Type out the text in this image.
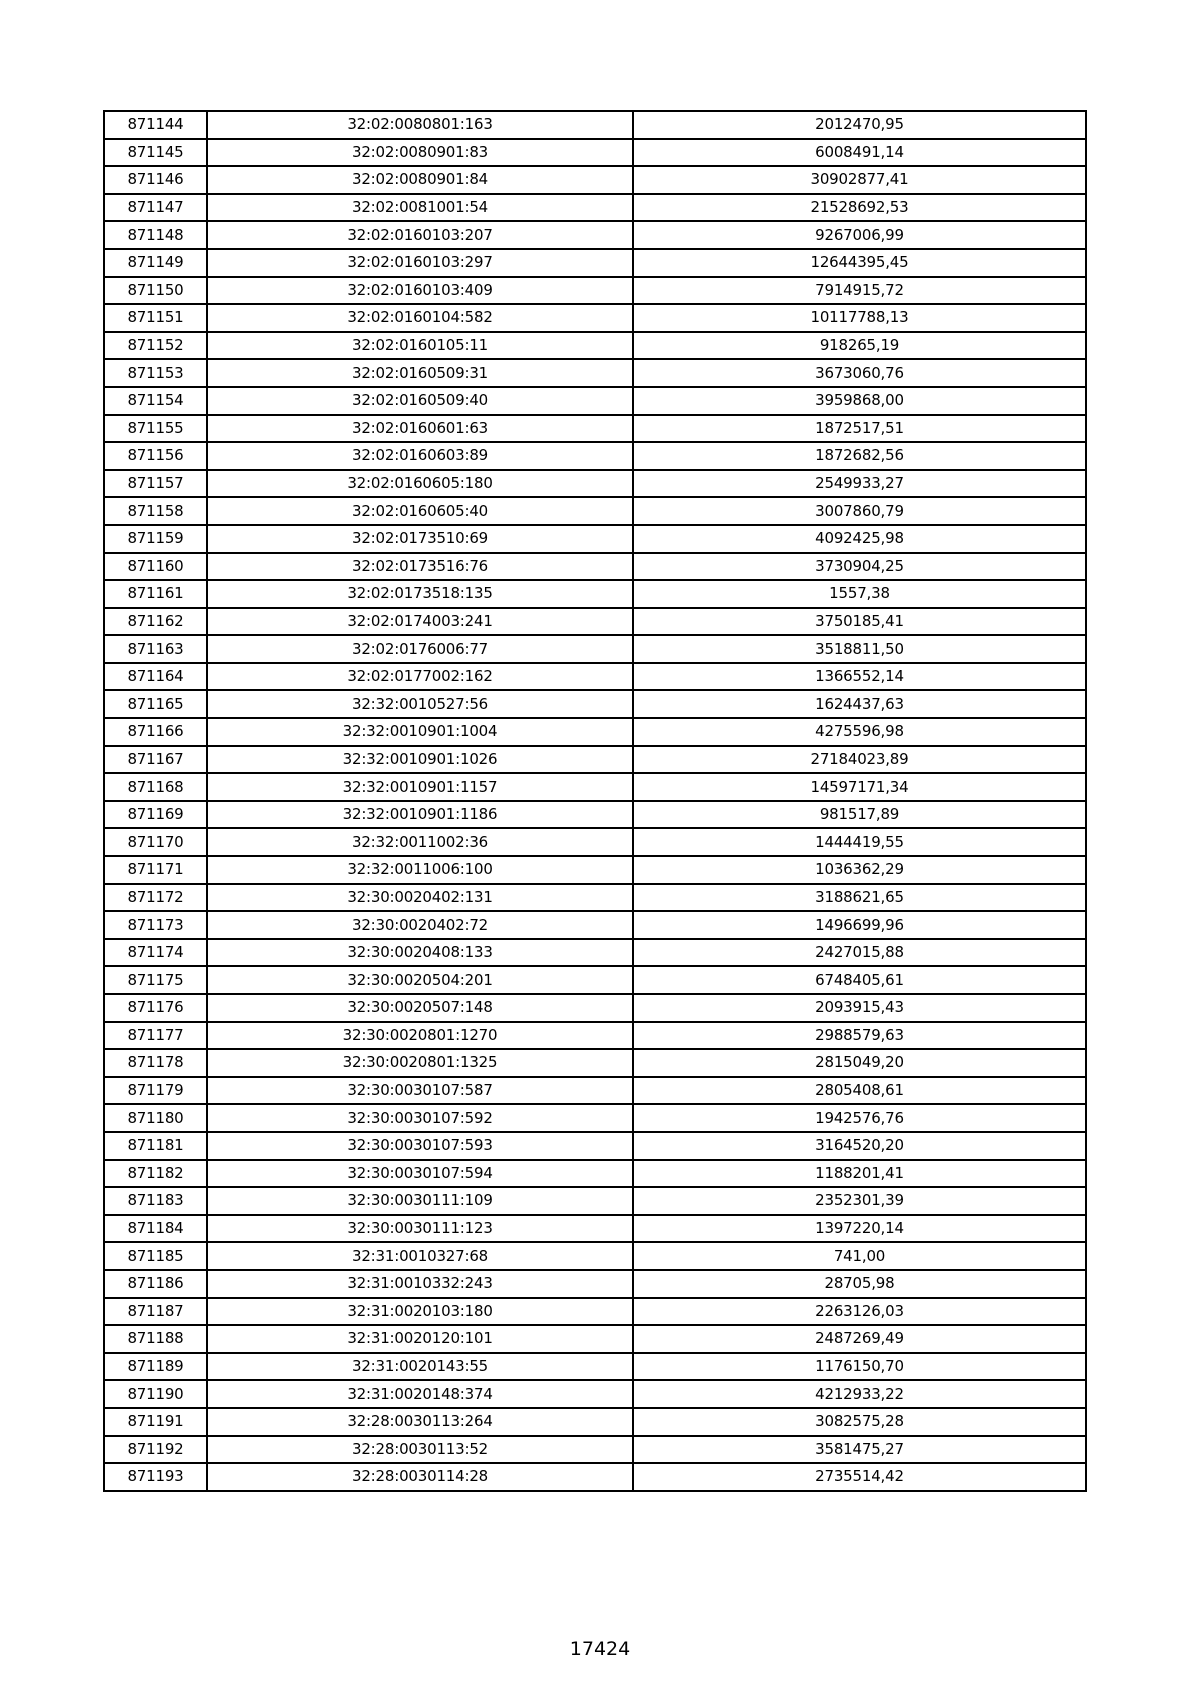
871144	32:02:0080801:163	2012470,95
871145	32:02:0080901:83	6008491,14
871146	32:02:0080901:84	30902877,41
871147	32:02:0081001:54	21528692,53
871148	32:02:0160103:207	9267006,99
871149	32:02:0160103:297	12644395,45
871150	32:02:0160103:409	7914915,72
871151	32:02:0160104:582	10117788,13
871152	32:02:0160105:11	918265,19
871153	32:02:0160509:31	3673060,76
871154	32:02:0160509:40	3959868,00
871155	32:02:0160601:63	1872517,51
871156	32:02:0160603:89	1872682,56
871157	32:02:0160605:180	2549933,27
871158	32:02:0160605:40	3007860,79
871159	32:02:0173510:69	4092425,98
871160	32:02:0173516:76	3730904,25
871161	32:02:0173518:135	1557,38
871162	32:02:0174003:241	3750185,41
871163	32:02:0176006:77	3518811,50
871164	32:02:0177002:162	1366552,14
871165	32:32:0010527:56	1624437,63
871166	32:32:0010901:1004	4275596,98
871167	32:32:0010901:1026	27184023,89
871168	32:32:0010901:1157	14597171,34
871169	32:32:0010901:1186	981517,89
871170	32:32:0011002:36	1444419,55
871171	32:32:0011006:100	1036362,29
871172	32:30:0020402:131	3188621,65
871173	32:30:0020402:72	1496699,96
871174	32:30:0020408:133	2427015,88
871175	32:30:0020504:201	6748405,61
871176	32:30:0020507:148	2093915,43
871177	32:30:0020801:1270	2988579,63
871178	32:30:0020801:1325	2815049,20
871179	32:30:0030107:587	2805408,61
871180	32:30:0030107:592	1942576,76
871181	32:30:0030107:593	3164520,20
871182	32:30:0030107:594	1188201,41
871183	32:30:0030111:109	2352301,39
871184	32:30:0030111:123	1397220,14
871185	32:31:0010327:68	741,00
871186	32:31:0010332:243	28705,98
871187	32:31:0020103:180	2263126,03
871188	32:31:0020120:101	2487269,49
871189	32:31:0020143:55	1176150,70
871190	32:31:0020148:374	4212933,22
871191	32:28:0030113:264	3082575,28
871192	32:28:0030113:52	3581475,27
871193	32:28:0030114:28	2735514,42
17424
